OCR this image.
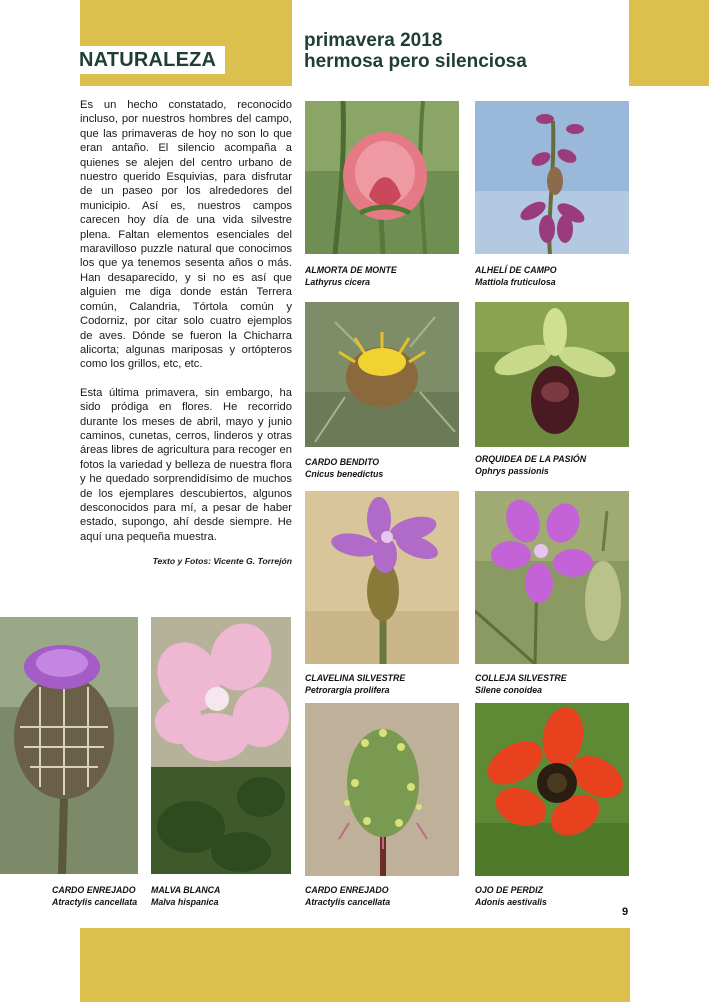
NATURALEZA
primavera 2018
hermosa pero silenciosa

Es un hecho constatado, reconocido incluso, por nuestros hombres del campo, que las primaveras de hoy no son lo que eran antaño. El silencio acompaña a quienes se alejen del centro urbano de nuestro querido Esquivias, para disfrutar de un paseo por los alrededores del municipio. Así es, nuestros campos carecen hoy día de una vida silvestre plena. Faltan elementos esenciales del maravilloso puzzle natural que conocimos los que ya tenemos sesenta años o más. Han desaparecido, y si no es así que alguien me diga donde están Terrera común, Calandria, Tórtola común y Codorniz, por citar solo cuatro ejemplos de aves. Dónde se fueron la Chicharra alicorta; algunas mariposas y ortópteros como los grillos, etc, etc.

Esta última primavera, sin embargo, ha sido pródiga en flores. He recorrido durante los meses de abril, mayo y junio caminos, cunetas, cerros, linderos y otras áreas libres de agricultura para recoger en fotos la variedad y belleza de nuestra flora y he quedado sorprendidísimo de muchos de los ejemplares descubiertos, algunos desconocidos para mí, a pesar de haber estado, supongo, ahí desde siempre. He aquí una pequeña muestra.

Texto y Fotos: Vicente G. Torrejón
ALMORTA DE MONTE
Lathyrus cicera
ALHELÍ DE CAMPO
Mattiola fruticulosa
CARDO BENDITO
Cnicus benedictus
ORQUIDEA DE LA PASIÓN
Ophrys passionis
CLAVELINA SILVESTRE
Petrorargia prolifera
COLLEJA SILVESTRE
Silene conoidea
CARDO ENREJADO
Atractylis cancellata
MALVA BLANCA
Malva hispanica
CARDO ENREJADO
Atractylis cancellata
OJO DE PERDIZ
Adonis aestivalis
9
